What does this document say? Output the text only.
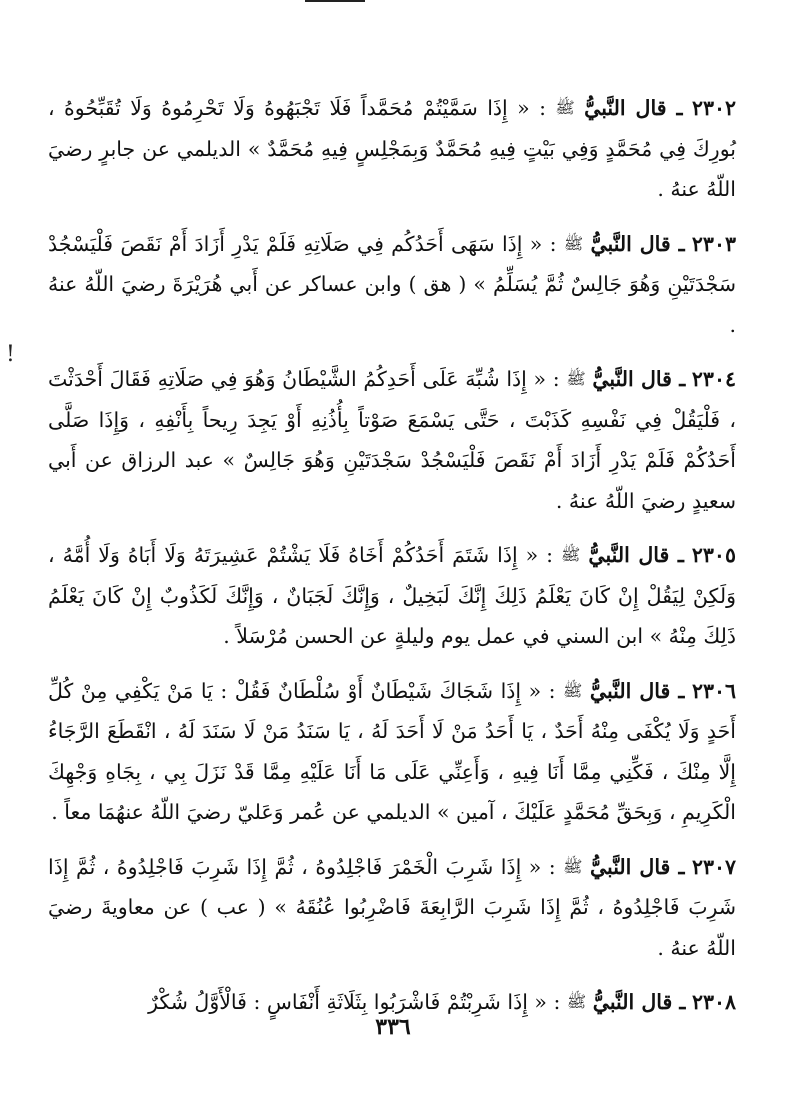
!

٢٣٠٢ ـ قال النَّبيُّ ﷺ : « إِذَا سَمَّيْتُمْ مُحَمَّداً فَلَا تَجْبَهُوهُ وَلَا تَحْرِمُوهُ وَلَا تُقَبِّحُوهُ ، بُورِكَ فِي مُحَمَّدٍ وَفِي بَيْتٍ فِيهِ مُحَمَّدٌ وَبِمَجْلِسٍ فِيهِ مُحَمَّدٌ » الديلمي عن جابرٍ رضيَ اللّهُ عنهُ .

٢٣٠٣ ـ قال النَّبيُّ ﷺ : « إِذَا سَهَى أَحَدُكُم فِي صَلَاتِهِ فَلَمْ يَدْرِ أَزَادَ أَمْ نَقَصَ فَلْيَسْجُدْ سَجْدَتَيْنِ وَهُوَ جَالِسٌ ثُمَّ يُسَلِّمُ » ( هق ) وابن عساكر عن أَبي هُرَيْرَةَ رضيَ اللّهُ عنهُ .

٢٣٠٤ ـ قال النَّبيُّ ﷺ : « إِذَا شُبِّهَ عَلَى أَحَدِكُمُ الشَّيْطَانُ وَهُوَ فِي صَلَاتِهِ فَقَالَ أَحْدَثْتَ ، فَلْيَقُلْ فِي نَفْسِهِ كَذَبْتَ ، حَتَّى يَسْمَعَ صَوْتاً بِأُذُنِهِ أَوْ يَجِدَ رِيحاً بِأَنْفِهِ ، وَإِذَا صَلَّى أَحَدُكُمْ فَلَمْ يَدْرِ أَزَادَ أَمْ نَقَصَ فَلْيَسْجُدْ سَجْدَتَيْنِ وَهُوَ جَالِسٌ » عبد الرزاق عن أَبي سعيدٍ رضيَ اللّهُ عنهُ .

٢٣٠٥ ـ قال النَّبيُّ ﷺ : « إِذَا شَتَمَ أَحَدُكُمْ أَخَاهُ فَلَا يَشْتُمْ عَشِيرَتَهُ وَلَا أَبَاهُ وَلَا أُمَّهُ ، وَلَكِنْ لِيَقُلْ إِنْ كَانَ يَعْلَمُ ذَلِكَ إِنَّكَ لَبَخِيلٌ ، وَإِنَّكَ لَجَبَانٌ ، وَإِنَّكَ لَكَذُوبٌ إِنْ كَانَ يَعْلَمُ ذَلِكَ مِنْهُ » ابن السني في عمل يوم وليلةٍ عن الحسن مُرْسَلاً .

٢٣٠٦ ـ قال النَّبيُّ ﷺ : « إِذَا شَجَاكَ شَيْطَانٌ أَوْ سُلْطَانٌ فَقُلْ : يَا مَنْ يَكْفِي مِنْ كُلِّ أَحَدٍ وَلَا يُكْفَى مِنْهُ أَحَدٌ ، يَا أَحَدُ مَنْ لَا أَحَدَ لَهُ ، يَا سَنَدُ مَنْ لَا سَنَدَ لَهُ ، انْقَطَعَ الرَّجَاءُ إِلَّا مِنْكَ ، فَكِّنِي مِمَّا أَنَا فِيهِ ، وَأَعِنِّي عَلَى مَا أَنَا عَلَيْهِ مِمَّا قَدْ نَزَلَ بِي ، بِجَاهِ وَجْهِكَ الْكَرِيمِ ، وَبِحَقِّ مُحَمَّدٍ عَلَيْكَ ، آمين » الديلمي عن عُمر وَعَليّ رضيَ اللّهُ عنهُمَا معاً .

٢٣٠٧ ـ قال النَّبيُّ ﷺ : « إِذَا شَرِبَ الْخَمْرَ فَاجْلِدُوهُ ، ثُمَّ إِذَا شَرِبَ فَاجْلِدُوهُ ، ثُمَّ إِذَا شَرِبَ فَاجْلِدُوهُ ، ثُمَّ إِذَا شَرِبَ الرَّابِعَةَ فَاضْرِبُوا عُنُقَهُ » ( عب ) عن معاويةَ رضيَ اللّهُ عنهُ .

٢٣٠٨ ـ قال النَّبيُّ ﷺ : « إِذَا شَرِبْتُمْ فَاشْرَبُوا بِثَلَاثَةِ أَنْفَاسٍ : فَالْأَوَّلُ شُكْرٌ

٣٣٦
